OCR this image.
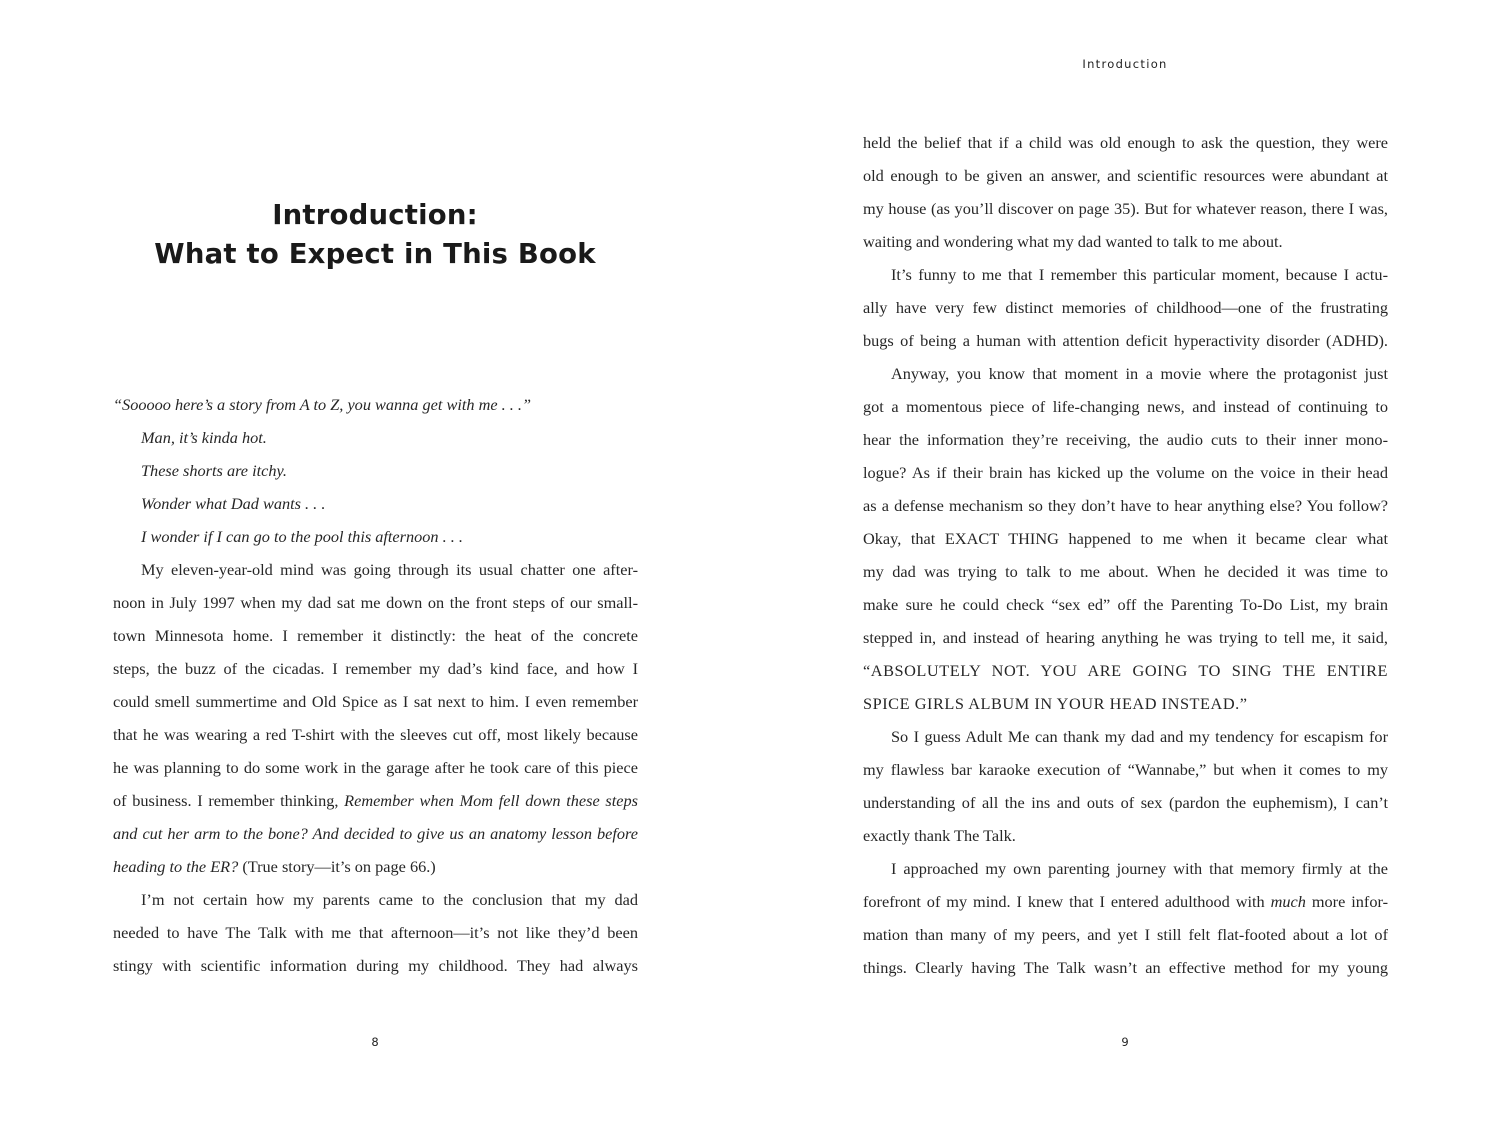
Introduction:
What to Expect in This Book
“Sooooo here’s a story from A to Z, you wanna get with me . . .”
Man, it’s kinda hot.
These shorts are itchy.
Wonder what Dad wants . . .
I wonder if I can go to the pool this afternoon . . .
My eleven-year-old mind was going through its usual chatter one after-
noon in July 1997 when my dad sat me down on the front steps of our small-
town Minnesota home. I remember it distinctly: the heat of the concrete
steps, the buzz of the cicadas. I remember my dad’s kind face, and how I
could smell summertime and Old Spice as I sat next to him. I even remember
that he was wearing a red T-shirt with the sleeves cut off, most likely because
he was planning to do some work in the garage after he took care of this piece
of business. I remember thinking, Remember when Mom fell down these steps
and cut her arm to the bone? And decided to give us an anatomy lesson before
heading to the ER? (True story—it’s on page 66.)
I’m not certain how my parents came to the conclusion that my dad
needed to have The Talk with me that afternoon—it’s not like they’d been
stingy with scientific information during my childhood. They had always
8
Introduction
held the belief that if a child was old enough to ask the question, they were
old enough to be given an answer, and scientific resources were abundant at
my house (as you’ll discover on page 35). But for whatever reason, there I was,
waiting and wondering what my dad wanted to talk to me about.
It’s funny to me that I remember this particular moment, because I actu-
ally have very few distinct memories of childhood—one of the frustrating
bugs of being a human with attention deficit hyperactivity disorder (ADHD).
Anyway, you know that moment in a movie where the protagonist just
got a momentous piece of life-changing news, and instead of continuing to
hear the information they’re receiving, the audio cuts to their inner mono-
logue? As if their brain has kicked up the volume on the voice in their head
as a defense mechanism so they don’t have to hear anything else? You follow?
Okay, that EXACT THING happened to me when it became clear what
my dad was trying to talk to me about. When he decided it was time to
make sure he could check “sex ed” off the Parenting To-Do List, my brain
stepped in, and instead of hearing anything he was trying to tell me, it said,
“ABSOLUTELY NOT. YOU ARE GOING TO SING THE ENTIRE
SPICE GIRLS ALBUM IN YOUR HEAD INSTEAD.”
So I guess Adult Me can thank my dad and my tendency for escapism for
my flawless bar karaoke execution of “Wannabe,” but when it comes to my
understanding of all the ins and outs of sex (pardon the euphemism), I can’t
exactly thank The Talk.
I approached my own parenting journey with that memory firmly at the
forefront of my mind. I knew that I entered adulthood with much more infor-
mation than many of my peers, and yet I still felt flat-footed about a lot of
things. Clearly having The Talk wasn’t an effective method for my young
9
